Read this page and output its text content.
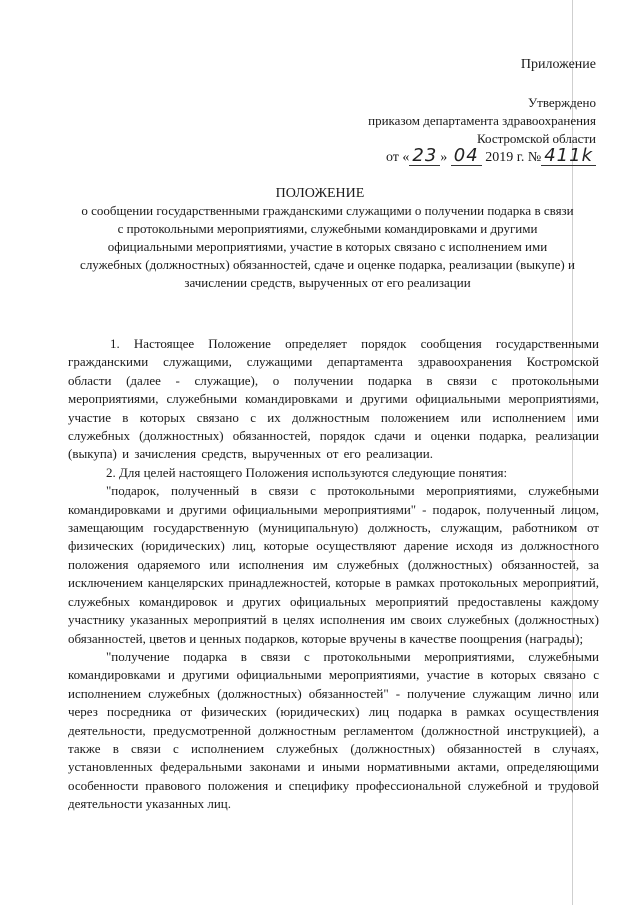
Приложение
Утверждено
приказом департамента здравоохранения
Костромской области
от « 23 » 04 2019 г. № 411k
ПОЛОЖЕНИЕ
о сообщении государственными гражданскими служащими о получении подарка в связи с протокольными мероприятиями, служебными командировками и другими официальными мероприятиями, участие в которых связано с исполнением ими служебных (должностных) обязанностей, сдаче и оценке подарка, реализации (выкупе) и зачислении средств, вырученных от его реализации

1. Настоящее Положение определяет порядок сообщения государственными гражданскими служащими, служащими департамента здравоохранения Костромской области (далее - служащие), о получении подарка в связи с протокольными мероприятиями, служебными командировками и другими официальными мероприятиями, участие в которых связано с их должностным положением или исполнением ими служебных (должностных) обязанностей, порядок сдачи и оценки подарка, реализации (выкупа) и зачисления средств, вырученных от его реализации.

2. Для целей настоящего Положения используются следующие понятия:

"подарок, полученный в связи с протокольными мероприятиями, служебными командировками и другими официальными мероприятиями" - подарок, полученный лицом, замещающим государственную (муниципальную) должность, служащим, работником от физических (юридических) лиц, которые осуществляют дарение исходя из должностного положения одаряемого или исполнения им служебных (должностных) обязанностей, за исключением канцелярских принадлежностей, которые в рамках протокольных мероприятий, служебных командировок и других официальных мероприятий предоставлены каждому участнику указанных мероприятий в целях исполнения им своих служебных (должностных) обязанностей, цветов и ценных подарков, которые вручены в качестве поощрения (награды);

"получение подарка в связи с протокольными мероприятиями, служебными командировками и другими официальными мероприятиями, участие в которых связано с исполнением служебных (должностных) обязанностей" - получение служащим лично или через посредника от физических (юридических) лиц подарка в рамках осуществления деятельности, предусмотренной должностным регламентом (должностной инструкцией), а также в связи с исполнением служебных (должностных) обязанностей в случаях, установленных федеральными законами и иными нормативными актами, определяющими особенности правового положения и специфику профессиональной служебной и трудовой деятельности указанных лиц.
